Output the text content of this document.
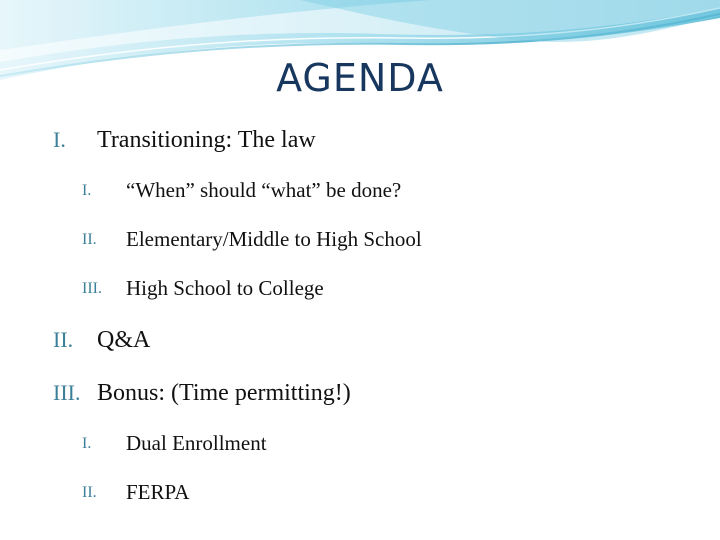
AGENDA
I. Transitioning: The law
I. “When” should “what” be done?
II. Elementary/Middle to High School
III. High School to College
II. Q&A
III. Bonus: (Time permitting!)
I. Dual Enrollment
II. FERPA
